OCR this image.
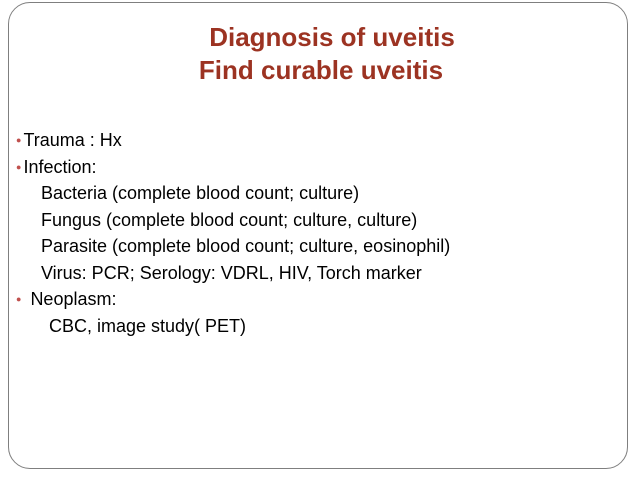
Diagnosis of uveitis
Find curable uveitis
● Trauma : Hx
● Infection:
Bacteria (complete blood count; culture)
Fungus (complete blood count; culture, culture)
Parasite (complete blood count; culture, eosinophil)
Virus: PCR; Serology: VDRL, HIV, Torch marker
● Neoplasm:
CBC, image study( PET)
